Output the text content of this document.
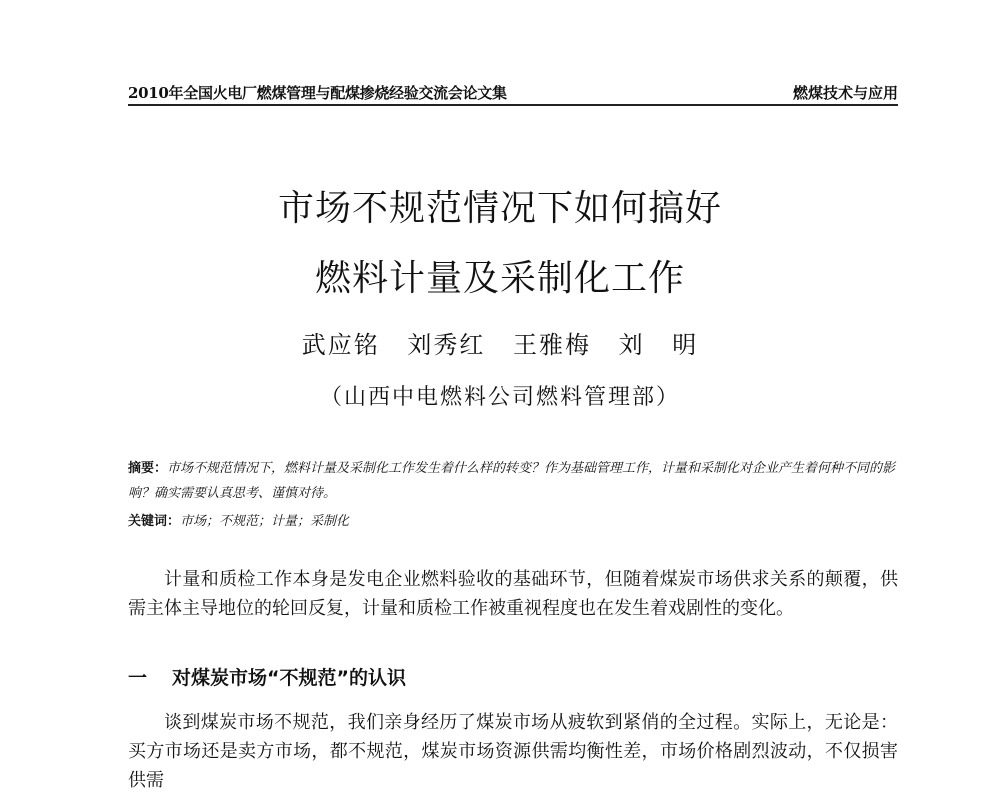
2010年全国火电厂燃煤管理与配煤掺烧经验交流会论文集	燃煤技术与应用
市场不规范情况下如何搞好
燃料计量及采制化工作
武应铭 刘秀红 王雅梅 刘 明
（山西中电燃料公司燃料管理部）
摘要：市场不规范情况下，燃料计量及采制化工作发生着什么样的转变？作为基础管理工作，计量和采制化对企业产生着何种不同的影响？确实需要认真思考、谨慎对待。
关键词：市场；不规范；计量；采制化
计量和质检工作本身是发电企业燃料验收的基础环节，但随着煤炭市场供求关系的颠覆，供需主体主导地位的轮回反复，计量和质检工作被重视程度也在发生着戏剧性的变化。
一 对煤炭市场“不规范”的认识
谈到煤炭市场不规范，我们亲身经历了煤炭市场从疲软到紧俏的全过程。实际上，无论是：买方市场还是卖方市场，都不规范，煤炭市场资源供需均衡性差，市场价格剧烈波动，不仅损害供需
